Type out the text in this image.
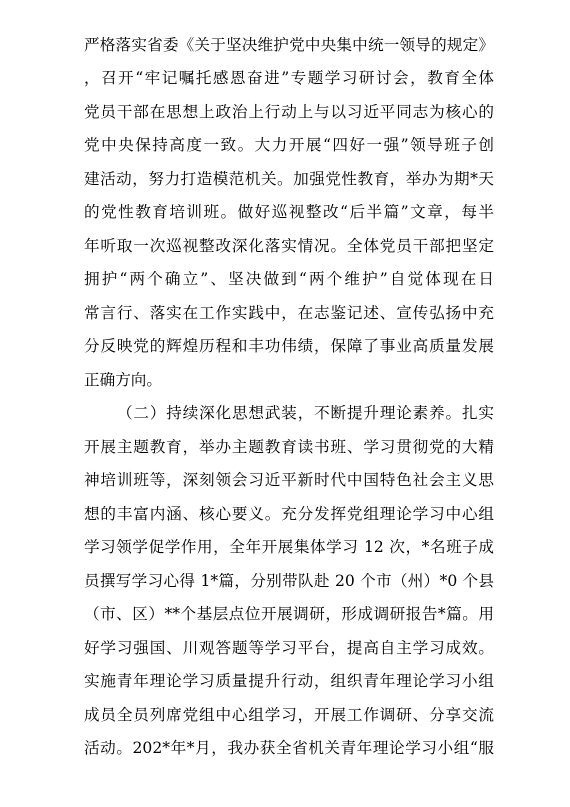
严格落实省委《关于坚决维护党中央集中统一领导的规定》
，召开“牢记嘱托感恩奋进”专题学习研讨会，教育全体
党员干部在思想上政治上行动上与以习近平同志为核心的
党中央保持高度一致。大力开展“四好一强”领导班子创
建活动，努力打造模范机关。加强党性教育，举办为期*天
的党性教育培训班。做好巡视整改“后半篇”文章，每半
年听取一次巡视整改深化落实情况。全体党员干部把坚定
拥护“两个确立”、坚决做到“两个维护”自觉体现在日
常言行、落实在工作实践中，在志鉴记述、宣传弘扬中充
分反映党的辉煌历程和丰功伟绩，保障了事业高质量发展
正确方向。
（二）持续深化思想武装，不断提升理论素养。扎实
开展主题教育，举办主题教育读书班、学习贯彻党的大精
神培训班等，深刻领会习近平新时代中国特色社会主义思
想的丰富内涵、核心要义。充分发挥党组理论学习中心组
学习领学促学作用，全年开展集体学习 12 次，*名班子成
员撰写学习心得 1*篇，分别带队赴 20 个市（州）*0 个县
（市、区）**个基层点位开展调研，形成调研报告*篇。用
好学习强国、川观答题等学习平台，提高自主学习成效。
实施青年理论学习质量提升行动，组织青年理论学习小组
成员全员列席党组中心组学习，开展工作调研、分享交流
活动。202*年*月，我办获全省机关青年理论学习小组“服
